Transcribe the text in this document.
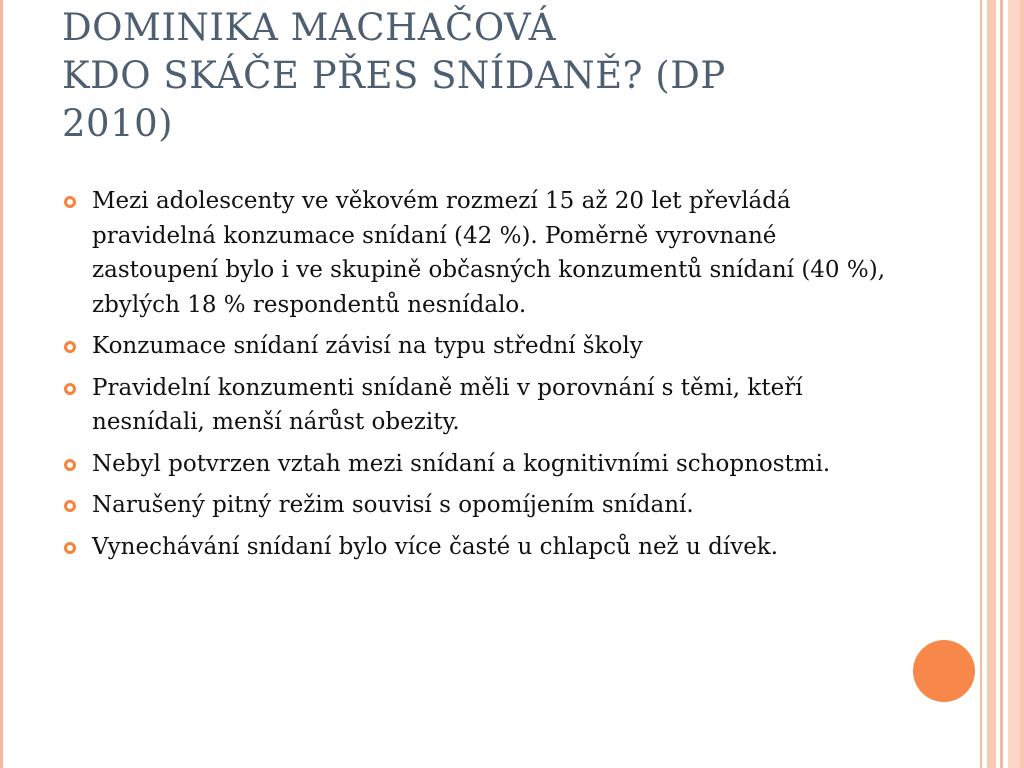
DOMINIKA MACHAČOVÁ
KDO SKÁČE PŘES SNÍDANĚ? (DP
2010)
Mezi adolescenty ve věkovém rozmezí 15 až 20 let převládá pravidelná konzumace snídaní (42 %). Poměrně vyrovnané zastoupení bylo i ve skupině občasných konzumentů snídaní (40 %), zbylých 18 % respondentů nesnídalo.
Konzumace snídaní závisí na typu střední školy
Pravidelní konzumenti snídaně měli v porovnání s těmi, kteří nesnídali, menší nárůst obezity.
Nebyl potvrzen vztah mezi snídaní a kognitivními schopnostmi.
Narušený pitný režim souvisí s opomíjením snídaní.
Vynechávání snídaní bylo více časté u chlapců než u dívek.
